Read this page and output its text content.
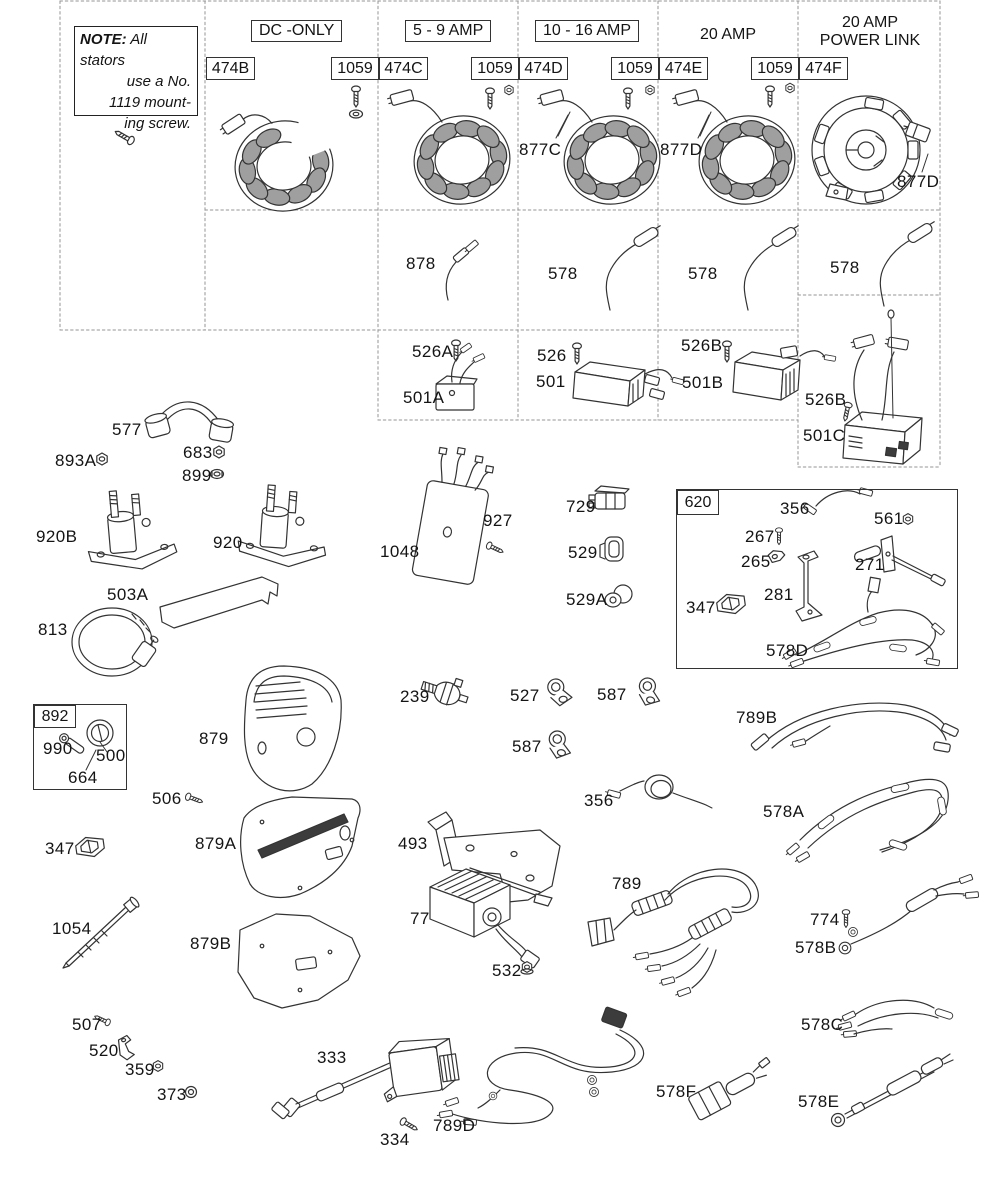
NOTE: All stators
use a No.
1119 mount-
ing screw.
DC -ONLY	5 - 9 AMP	10 - 16 AMP	20 AMP
20 AMP
POWER LINK
474B	1059 474C	1059 474D	1059 474E	1059 474F
620
892
877C	877D
877D
878
578	578	578
526A
501A
526
501
526B
501B
526B
501C
577
893A	683
899
920B	920
503A
813
1048
927
729
529
529A
356
561
267
265	271
281
347
578D
990 500
664
879
239	527	587
587
789B
506	356
578A
347	879A	493
1054
77
789
774
578B
879B
532
507
520
359
373
333
334
789D
578F
578C
578E
